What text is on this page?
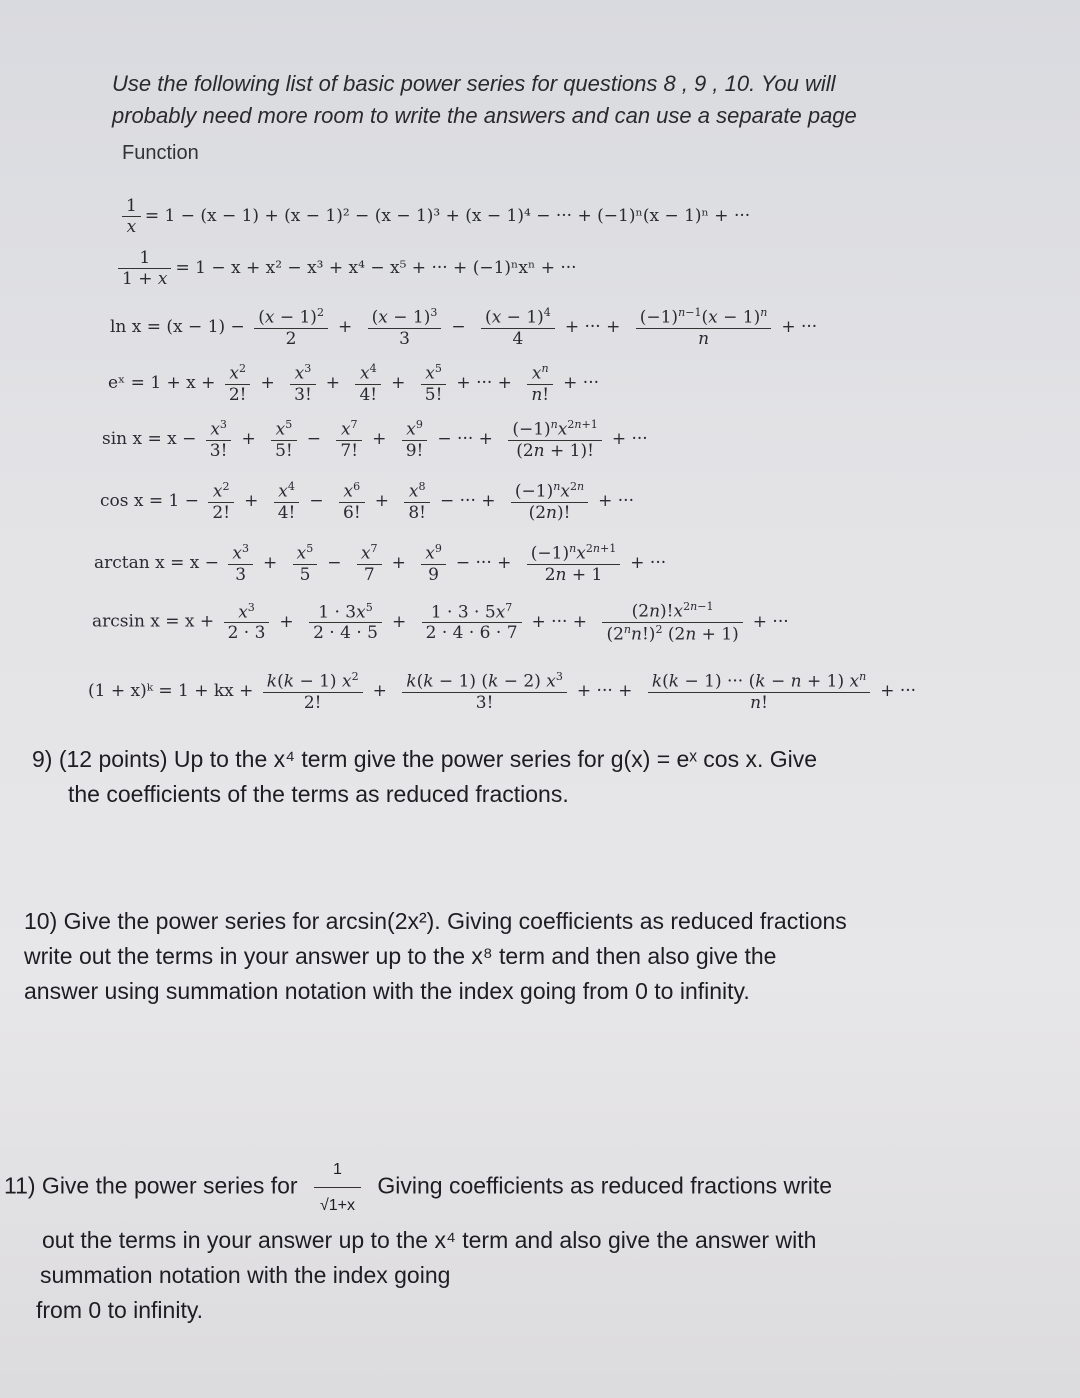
Use the following list of basic power series for questions 8 , 9 , 10. You will
probably need more room to write the answers and can use a separate page
Function
$\frac{1}{x} = 1 - (x - 1) + (x - 1)^2 - (x - 1)^3 + (x - 1)^4$ − ··· + (−1)ⁿ(x − 1)ⁿ + ···
$\frac{1}{1 + x} = 1 - x + x^2 - x^3 + x^4 - x^5$ + ··· + (−1)ⁿxⁿ + ···
$\ln x = (x - 1) - \frac{(x - 1)^2}{2} + \frac{(x - 1)^3}{3} - \frac{(x - 1)^4}{4}$ + ··· + $\frac{(-1)^{n-1}(x - 1)^n}{n}$ + ···
eˣ = $1 + x + \frac{x^2}{2!} + \frac{x^3}{3!} + \frac{x^4}{4!} + \frac{x^5}{5!}$ + ··· + $\frac{x^n}{n!}$ + ···
$\sin x = x - \frac{x^3}{3!} + \frac{x^5}{5!} - \frac{x^7}{7!} + \frac{x^9}{9!}$ − ··· + $\frac{(-1)^nx^{2n+1}}{(2n + 1)!}$ + ···
$\cos x = 1 - \frac{x^2}{2!} + \frac{x^4}{4!} - \frac{x^6}{6!} + \frac{x^8}{8!}$ − ··· + $\frac{(-1)^nx^{2n}}{(2n)!}$ + ···
$\arctan x = x - \frac{x^3}{3} + \frac{x^5}{5} - \frac{x^7}{7} + \frac{x^9}{9}$ − ··· + $\frac{(-1)^nx^{2n+1}}{2n + 1}$ + ···
$\arcsin x = x + \frac{x^3}{2 \cdot 3} + \frac{1 \cdot 3x^5}{2 \cdot 4 \cdot 5} + \frac{1 \cdot 3 \cdot 5x^7}{2 \cdot 4 \cdot 6 \cdot 7}$ + ··· + $\frac{(2n)!x^{2n-1}}{(2^nn!)^2 (2n + 1)}$ + ···
(1 + x)ᵏ = 1 + kx + $\frac{k(k - 1) x^2}{2!} + \frac{k(k - 1) (k - 2) x^3}{3!}$ + ··· + $\frac{k(k - 1) \cdot\cdot\cdot (k - n + 1) x^n}{n!}$ + ···
9) (12 points) Up to the x⁴ term give the power series for g(x) = eˣ cos x. Give
the coefficients of the terms as reduced fractions.
10) Give the power series for arcsin(2x²). Giving coefficients as reduced fractions
write out the terms in your answer up to the x⁸ term and then also give the
answer using summation notation with the index going from 0 to infinity.
11) Give the power series for $\frac{1}{√1+x}$ Giving coefficients as reduced fractions write
out the terms in your answer up to the x⁴ term and also give the answer with
summation notation with the index going
from 0 to infinity.
